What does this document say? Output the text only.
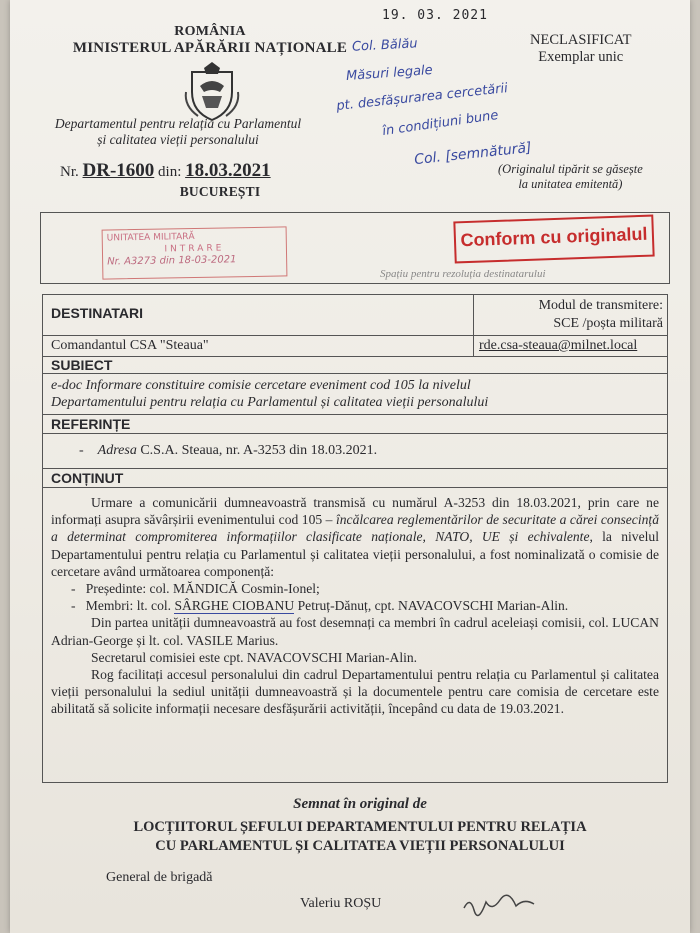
19. 03. 2021
ROMÂNIA
MINISTERUL APĂRĂRII NAȚIONALE
Departamentul pentru relația cu Parlamentul
și calitatea vieții personalului
Nr. DR-1600 din: 18.03.2021
BUCUREȘTI
NECLASIFICAT
Exemplar unic
Col. Bălău
Măsuri legale
pt. desfășurarea cercetării
în condițiuni bune
Col. [semnătură]
(Originalul tipărit se găsește
la unitatea emitentă)
UNITATEA MILITARĂ
INTRARE
Nr. A3273 din 18-03-2021
Conform cu originalul
Spațiu pentru rezoluția destinatarului
DESTINATARI	Modul de transmitere:
SCE /poșta militară
Comandantul CSA "Steaua"	rde.csa-steaua@milnet.local
SUBIECT
e-doc Informare constituire comisie cercetare eveniment cod 105 la nivelul
Departamentului pentru relația cu Parlamentul și calitatea vieții personalului
REFERINȚE
- Adresa C.S.A. Steaua, nr. A-3253 din 18.03.2021.
CONȚINUT
Urmare a comunicării dumneavoastră transmisă cu numărul A-3253 din 18.03.2021, prin care ne informați asupra săvârșirii evenimentului cod 105 – încălcarea reglementărilor de securitate a cărei consecință a determinat compromiterea informațiilor clasificate naționale, NATO, UE și echivalente, la nivelul Departamentului pentru relația cu Parlamentul și calitatea vieții personalului, a fost nominalizată o comisie de cercetare având următoarea componență:
- Președinte: col. MĂNDICĂ Cosmin-Ionel;
- Membri: lt. col. SÂRGHE CIOBANU Petruț-Dănuț, cpt. NAVACOVSCHI Marian-Alin.
Din partea unității dumneavoastră au fost desemnați ca membri în cadrul aceleiași comisii, col. LUCAN Adrian-George și lt. col. VASILE Marius.
Secretarul comisiei este cpt. NAVACOVSCHI Marian-Alin.
Rog facilitați accesul personalului din cadrul Departamentului pentru relația cu Parlamentul și calitatea vieții personalului la sediul unității dumneavoastră și la documentele pentru care comisia de cercetare este abilitată să solicite informații necesare desfășurării activității, începând cu data de 19.03.2021.
Semnat în original de
LOCȚIITORUL ȘEFULUI DEPARTAMENTULUI PENTRU RELAȚIA
CU PARLAMENTUL ȘI CALITATEA VIEȚII PERSONALULUI
General de brigadă
Valeriu ROȘU
